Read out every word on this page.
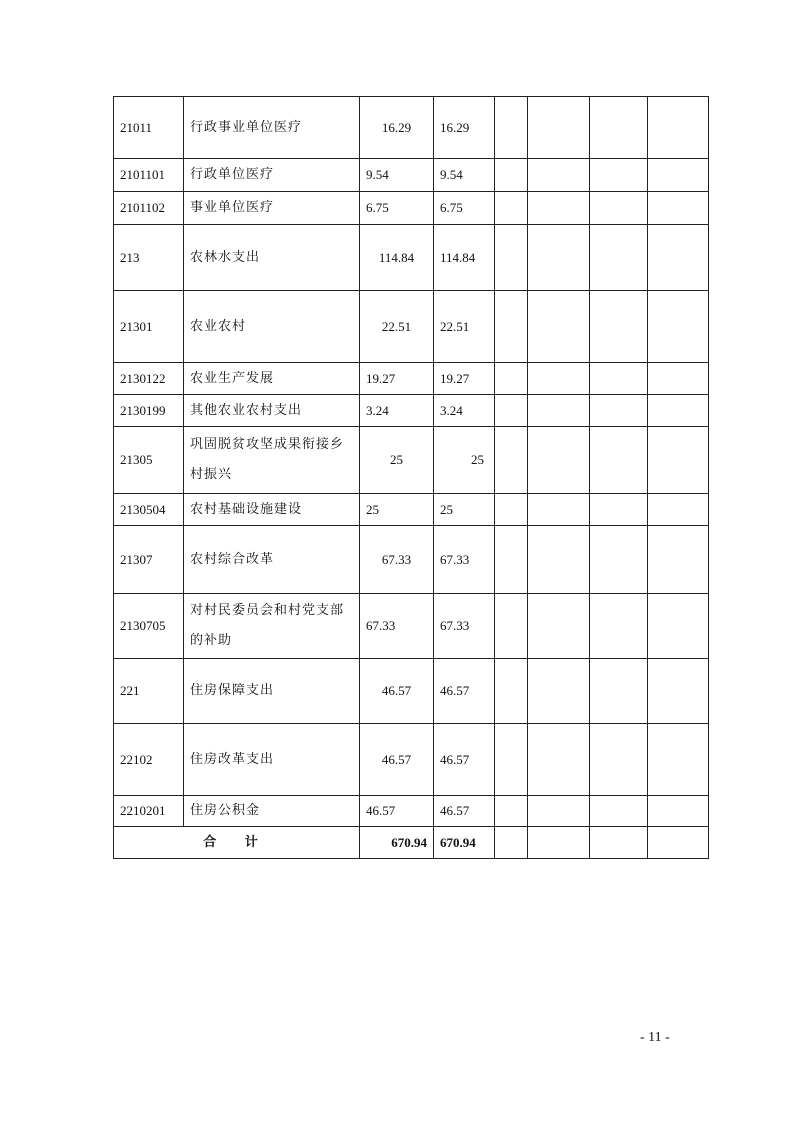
21011	行政事业单位医疗	16.29	16.29				
2101101	行政单位医疗	9.54	9.54				
2101102	事业单位医疗	6.75	6.75				
213	农林水支出	114.84	114.84				
21301	农业农村	22.51	22.51				
2130122	农业生产发展	19.27	19.27				
2130199	其他农业农村支出	3.24	3.24				
21305	巩固脱贫攻坚成果衔接乡村振兴	25	25				
2130504	农村基础设施建设	25	25				
21307	农村综合改革	67.33	67.33				
2130705	对村民委员会和村党支部的补助	67.33	67.33				
221	住房保障支出	46.57	46.57				
22102	住房改革支出	46.57	46.57				
2210201	住房公积金	46.57	46.57				
合 计		670.94	670.94				
- 11 -
